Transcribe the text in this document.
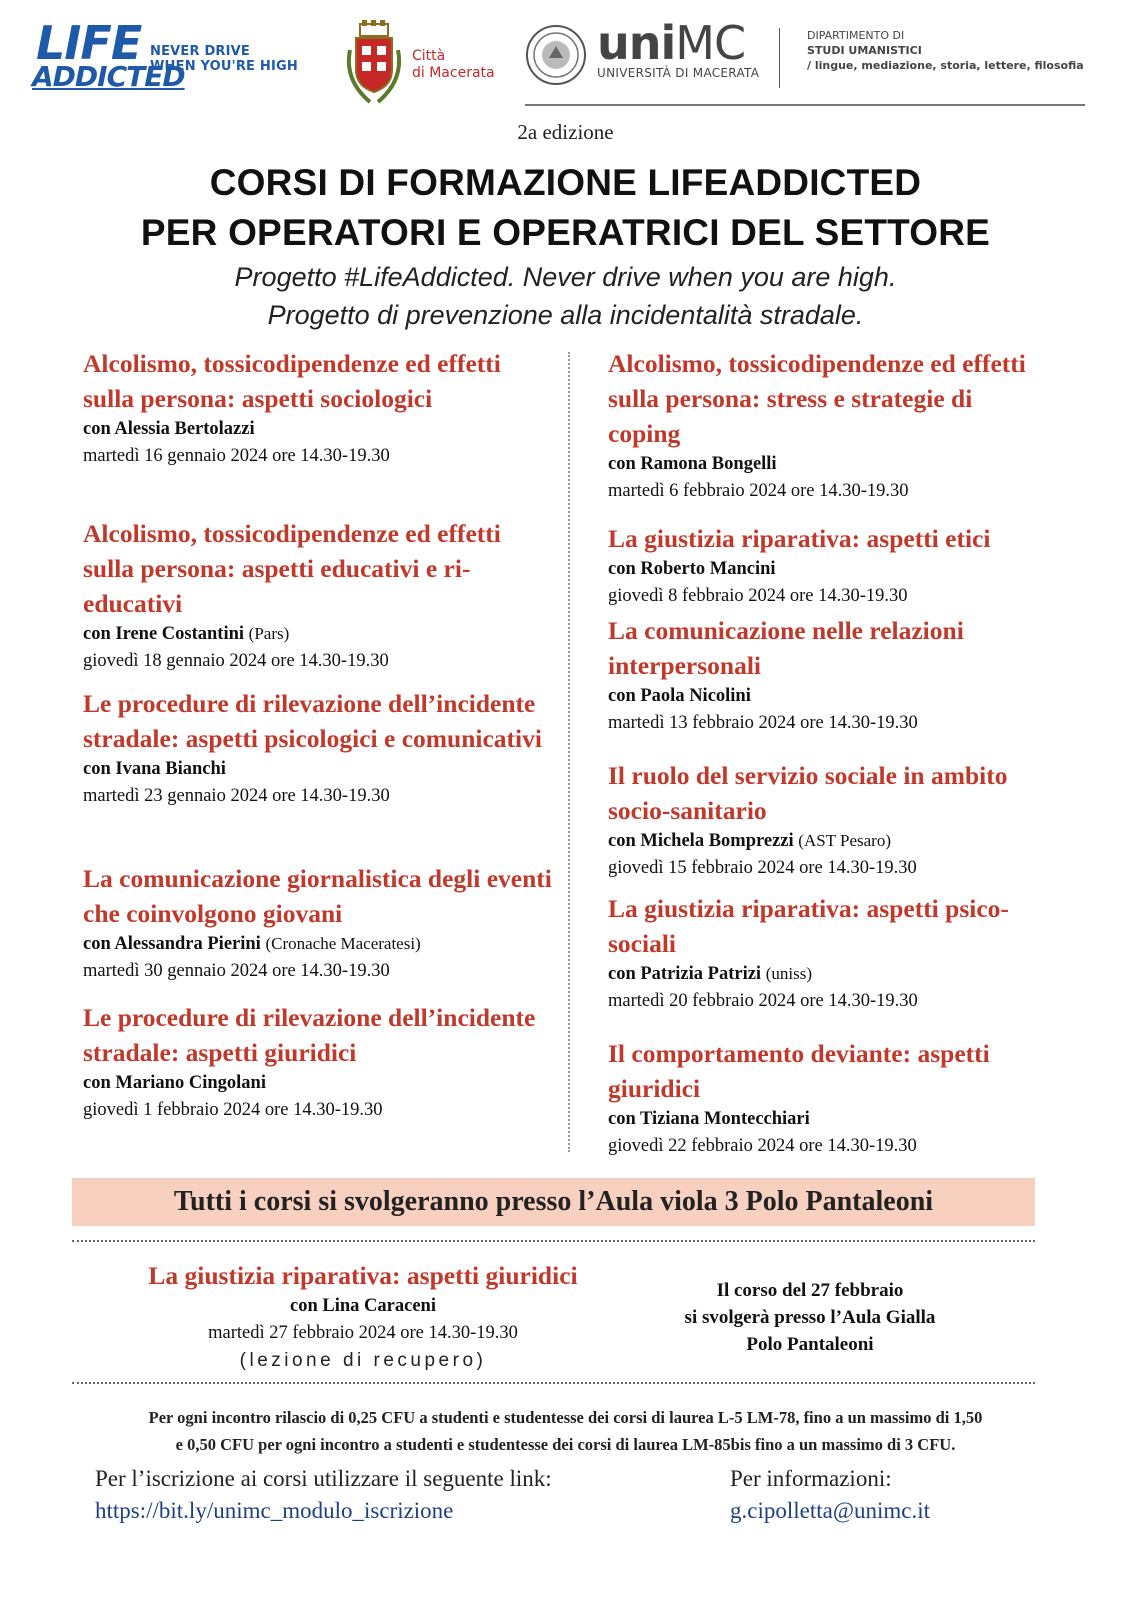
LIFE
ADDICTED
NEVER DRIVE
WHEN YOU'RE HIGH
Città
di Macerata
uniMC
UNIVERSITÀ DI MACERATA
DIPARTIMENTO DI
STUDI UMANISTICI
/ lingue, mediazione, storia, lettere, filosofia
2a edizione
CORSI DI FORMAZIONE LIFEADDICTED
PER OPERATORI E OPERATRICI DEL SETTORE
Progetto #LifeAddicted. Never drive when you are high.
Progetto di prevenzione alla incidentalità stradale.
Alcolismo, tossicodipendenze ed effetti sulla persona: aspetti sociologici
con Alessia Bertolazzi
martedì 16 gennaio 2024 ore 14.30-19.30
Alcolismo, tossicodipendenze ed effetti sulla persona: aspetti educativi e ri-educativi
con Irene Costantini (Pars)
giovedì 18 gennaio 2024 ore 14.30-19.30
Le procedure di rilevazione dell’incidente stradale: aspetti psicologici e comunicativi
con Ivana Bianchi
martedì 23 gennaio 2024 ore 14.30-19.30
La comunicazione giornalistica degli eventi che coinvolgono giovani
con Alessandra Pierini (Cronache Maceratesi)
martedì 30 gennaio 2024 ore 14.30-19.30
Le procedure di rilevazione dell’incidente stradale: aspetti giuridici
con Mariano Cingolani
giovedì 1 febbraio 2024 ore 14.30-19.30
Alcolismo, tossicodipendenze ed effetti sulla persona: stress e strategie di coping
con Ramona Bongelli
martedì 6 febbraio 2024 ore 14.30-19.30
La giustizia riparativa: aspetti etici
con Roberto Mancini
giovedì 8 febbraio 2024 ore 14.30-19.30
La comunicazione nelle relazioni interpersonali
con Paola Nicolini
martedì 13 febbraio 2024 ore 14.30-19.30
Il ruolo del servizio sociale in ambito socio-sanitario
con Michela Bomprezzi (AST Pesaro)
giovedì 15 febbraio 2024 ore 14.30-19.30
La giustizia riparativa: aspetti psico-sociali
con Patrizia Patrizi (uniss)
martedì 20 febbraio 2024 ore 14.30-19.30
Il comportamento deviante: aspetti giuridici
con Tiziana Montecchiari
giovedì 22 febbraio 2024 ore 14.30-19.30
Tutti i corsi si svolgeranno presso l’Aula viola 3 Polo Pantaleoni
La giustizia riparativa: aspetti giuridici
con Lina Caraceni
martedì 27 febbraio 2024 ore 14.30-19.30
(lezione di recupero)
Il corso del 27 febbraio
si svolgerà presso l’Aula Gialla
Polo Pantaleoni
Per ogni incontro rilascio di 0,25 CFU a studenti e studentesse dei corsi di laurea L-5 LM-78, fino a un massimo di 1,50
e 0,50 CFU per ogni incontro a studenti e studentesse dei corsi di laurea LM-85bis fino a un massimo di 3 CFU.
Per l’iscrizione ai corsi utilizzare il seguente link:
https://bit.ly/unimc_modulo_iscrizione
Per informazioni:
g.cipolletta@unimc.it
